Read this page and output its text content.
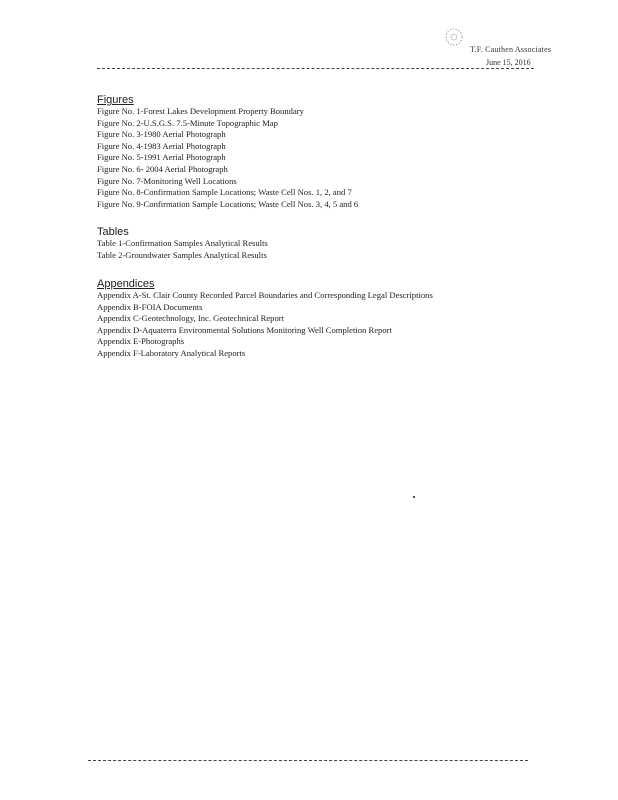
T.F. Cauthen Associates
June 15, 2016
Figures
Figure No. 1-Forest Lakes Development Property Boundary
Figure No. 2-U.S.G.S. 7.5-Minute Topographic Map
Figure No. 3-1980 Aerial Photograph
Figure No. 4-1983 Aerial Photograph
Figure No. 5-1991 Aerial Photograph
Figure No. 6- 2004 Aerial Photograph
Figure No. 7-Monitoring Well Locations
Figure No. 8-Confirmation Sample Locations; Waste Cell Nos. 1, 2, and 7
Figure No. 9-Confirmation Sample Locations; Waste Cell Nos. 3, 4, 5 and 6
Tables
Table 1-Confirmation Samples Analytical Results
Table 2-Groundwater Samples Analytical Results
Appendices
Appendix A-St. Clair County Recorded Parcel Boundaries and Corresponding Legal Descriptions
Appendix B-FOIA Documents
Appendix C-Geotechnology, Inc. Geotechnical Report
Appendix D-Aquaterra Environmental Solutions Monitoring Well Completion Report
Appendix E-Photographs
Appendix F-Laboratory Analytical Reports
